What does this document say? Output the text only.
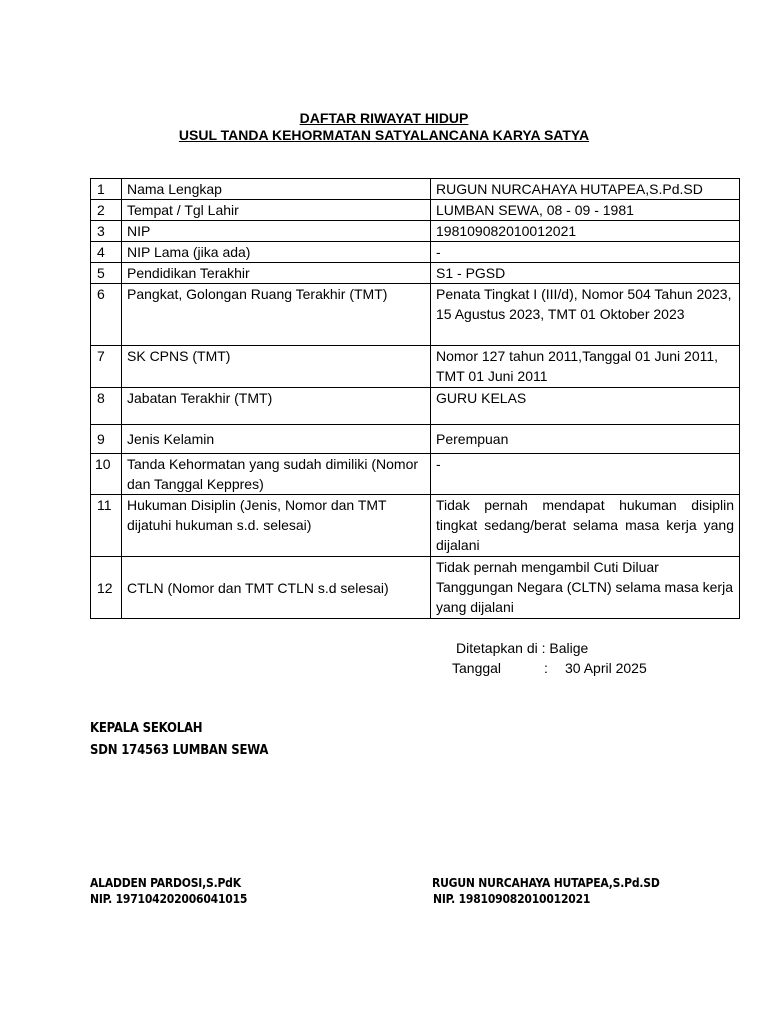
DAFTAR RIWAYAT HIDUP
USUL TANDA KEHORMATAN SATYALANCANA KARYA SATYA
1	Nama Lengkap	RUGUN NURCAHAYA HUTAPEA,S.Pd.SD
2	Tempat / Tgl Lahir	LUMBAN SEWA, 08 - 09 - 1981
3	NIP	198109082010012021
4	NIP Lama (jika ada)	-
5	Pendidikan Terakhir	S1 - PGSD
6	Pangkat, Golongan Ruang Terakhir (TMT)	Penata Tingkat I (III/d), Nomor 504 Tahun 2023, 15 Agustus 2023, TMT 01 Oktober 2023
7	SK CPNS (TMT)	Nomor 127 tahun 2011,Tanggal 01 Juni 2011, TMT 01 Juni 2011
8	Jabatan Terakhir (TMT)	GURU KELAS
9	Jenis Kelamin	Perempuan
10	Tanda Kehormatan yang sudah dimiliki (Nomor dan Tanggal Keppres)	-
11	Hukuman Disiplin (Jenis, Nomor dan TMT dijatuhi hukuman s.d. selesai)	Tidak pernah mendapat hukuman disiplin tingkat sedang/berat selama masa kerja yang dijalani
12	CTLN (Nomor dan TMT CTLN s.d selesai)	Tidak pernah mengambil Cuti Diluar Tanggungan Negara (CLTN) selama masa kerja yang dijalani
Ditetapkan di : Balige
Tanggal	: 30 April 2025
KEPALA SEKOLAH
SDN 174563 LUMBAN SEWA
ALADDEN PARDOSI,S.PdK
NIP. 197104202006041015
RUGUN NURCAHAYA HUTAPEA,S.Pd.SD
NIP. 198109082010012021
